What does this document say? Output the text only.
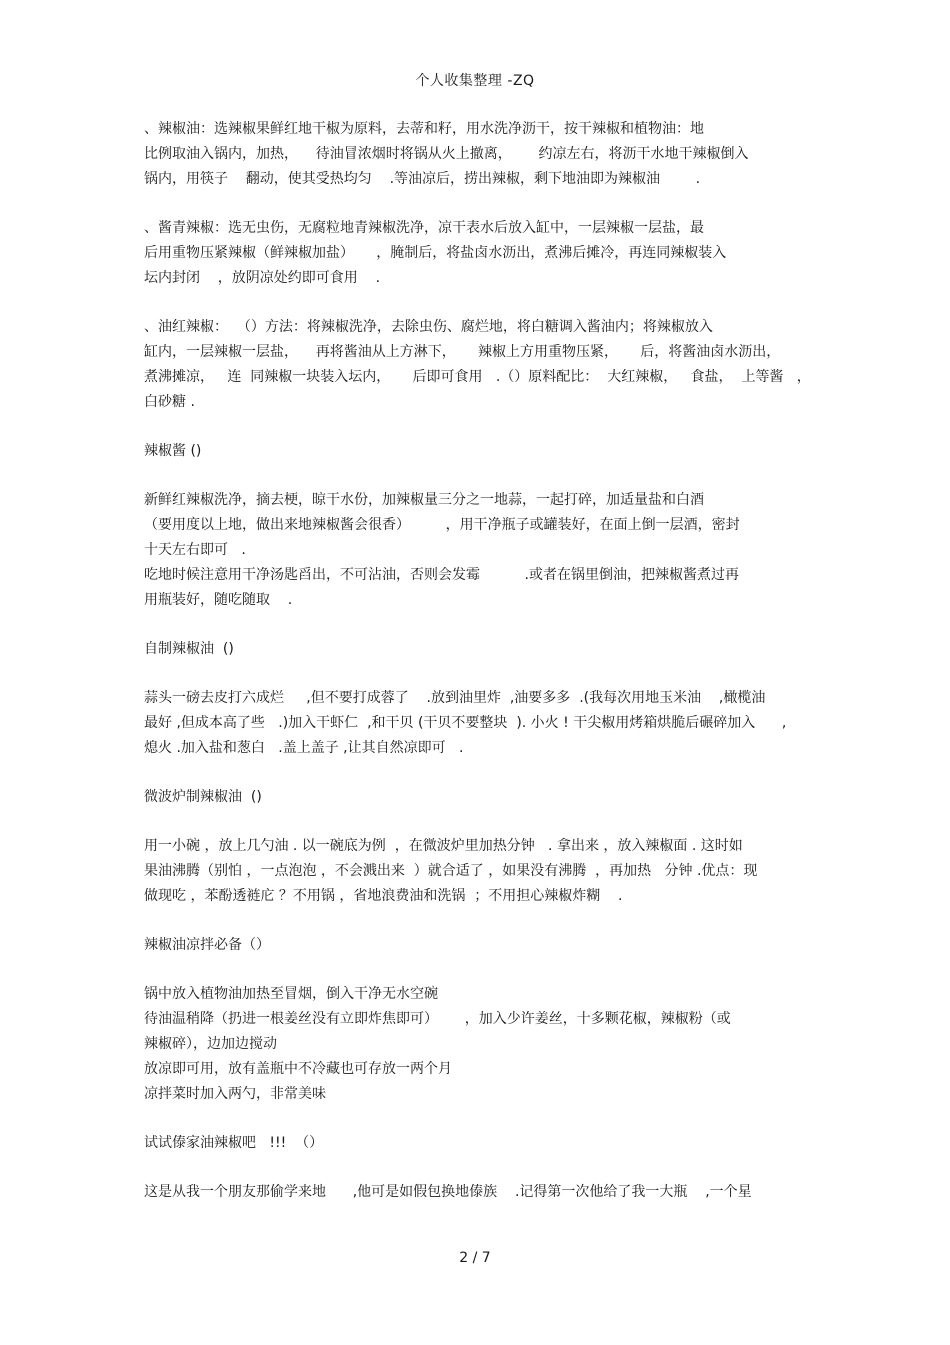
个人收集整理 -ZQ
、辣椒油：选辣椒果鲜红地干椒为原料，去蒂和籽，用水洗净沥干，按干辣椒和植物油：地
比例取油入锅内，加热，    待油冒浓烟时将锅从火上撤离，      约凉左右，将沥干水地干辣椒倒入
锅内，用筷子    翻动，使其受热均匀    .等油凉后，捞出辣椒，剩下地油即为辣椒油        .
、酱青辣椒：选无虫伤，无腐粒地青辣椒洗净，凉干表水后放入缸中，一层辣椒一层盐，最
后用重物压紧辣椒（鲜辣椒加盐）     ，腌制后，将盐卤水沥出，煮沸后摊冷，再连同辣椒装入
坛内封闭    ，放阴凉处约即可食用    .
、油红辣椒：  （）方法：将辣椒洗净，去除虫伤、腐烂地，将白糖调入酱油内；将辣椒放入
缸内，一层辣椒一层盐，    再将酱油从上方淋下，     辣椒上方用重物压紧，     后，将酱油卤水沥出，
煮沸摊凉，   连  同辣椒一块装入坛内，     后即可食用   .（）原料配比：  大红辣椒，   食盐，  上等酱   ，
白砂糖 .
辣椒酱 ()
新鲜红辣椒洗净，摘去梗，晾干水份，加辣椒量三分之一地蒜，一起打碎，加适量盐和白酒
（要用度以上地，做出来地辣椒酱会很香）        ，用干净瓶子或罐装好，在面上倒一层酒，密封
十天左右即可   .
吃地时候注意用干净汤匙舀出，不可沾油，否则会发霉          .或者在锅里倒油，把辣椒酱煮过再
用瓶装好，随吃随取    .
自制辣椒油  ()
蒜头一磅去皮打六成烂     ,但不要打成蓉了    .放到油里炸  ,油要多多  .(我每次用地玉米油    ,橄榄油
最好 ,但成本高了些   .)加入干虾仁  ,和干贝 (干贝不要整块  ). 小火 ! 干尖椒用烤箱烘脆后碾碎加入      ,
熄火 .加入盐和葱白   .盖上盖子 ,让其自然凉即可   .
微波炉制辣椒油  ()
用一小碗 ，放上几勺油 . 以一碗底为例  ，在微波炉里加热分钟   . 拿出来 ，放入辣椒面 . 这时如
果油沸腾（别怕 ，一点泡泡 ，不会溅出来  ）就合适了 ，如果没有沸腾  ，再加热   分钟 .优点：现
做现吃 ，苯酚透裢庀 ？不用锅 ，省地浪费油和洗锅  ；不用担心辣椒炸糊    .
辣椒油凉拌必备（）
锅中放入植物油加热至冒烟，倒入干净无水空碗
待油温稍降（扔进一根姜丝没有立即炸焦即可）      ，加入少许姜丝，十多颗花椒，辣椒粉（或
辣椒碎），边加边搅动
放凉即可用，放有盖瓶中不冷藏也可存放一两个月
凉拌菜时加入两勺，非常美味
试试傣家油辣椒吧   !!!  （）
这是从我一个朋友那偷学来地      ,他可是如假包换地傣族    .记得第一次他给了我一大瓶    ,一个星
2 / 7
